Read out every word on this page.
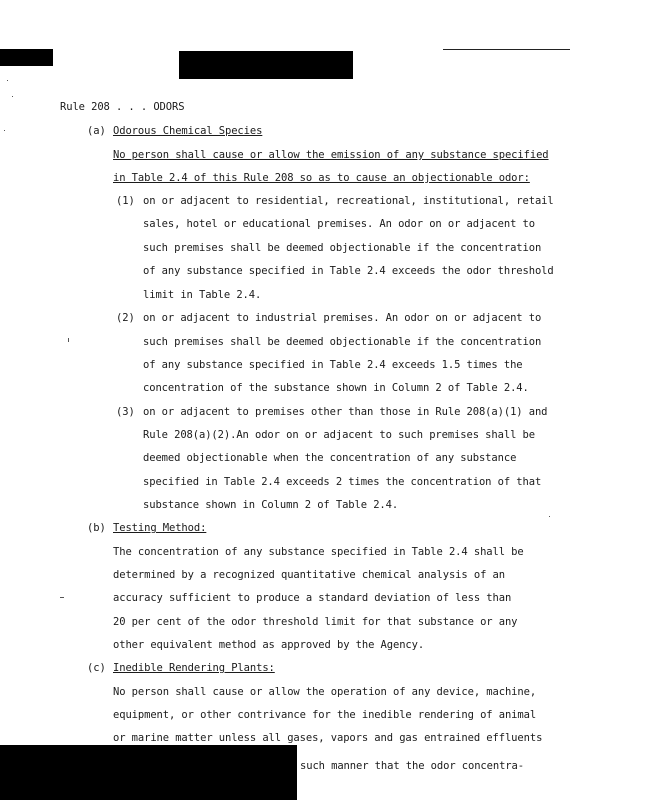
Rule 208 . . . ODORS
(a) Odorous Chemical Species
No person shall cause or allow the emission of any substance specified
in Table 2.4 of this Rule 208 so as to cause an objectionable odor:
(1) on or adjacent to residential, recreational, institutional, retail
sales, hotel or educational premises. An odor on or adjacent to
such premises shall be deemed objectionable if the concentration
of any substance specified in Table 2.4 exceeds the odor threshold
limit in Table 2.4.
(2) on or adjacent to industrial premises. An odor on or adjacent to
such premises shall be deemed objectionable if the concentration
of any substance specified in Table 2.4 exceeds 1.5 times the
concentration of the substance shown in Column 2 of Table 2.4.
(3) on or adjacent to premises other than those in Rule 208(a)(1) and
Rule 208(a)(2).An odor on or adjacent to such premises shall be
deemed objectionable when the concentration of any substance
specified in Table 2.4 exceeds 2 times the concentration of that
substance shown in Column 2 of Table 2.4.
(b) Testing Method:
The concentration of any substance specified in Table 2.4 shall be
determined by a recognized quantitative chemical analysis of an
accuracy sufficient to produce a standard deviation of less than
20 per cent of the odor threshold limit for that substance or any
other equivalent method as approved by the Agency.
(c) Inedible Rendering Plants:
No person shall cause or allow the operation of any device, machine,
equipment, or other contrivance for the inedible rendering of animal
or marine matter unless all gases, vapors and gas entrained effluents
such manner that the odor concentra-
